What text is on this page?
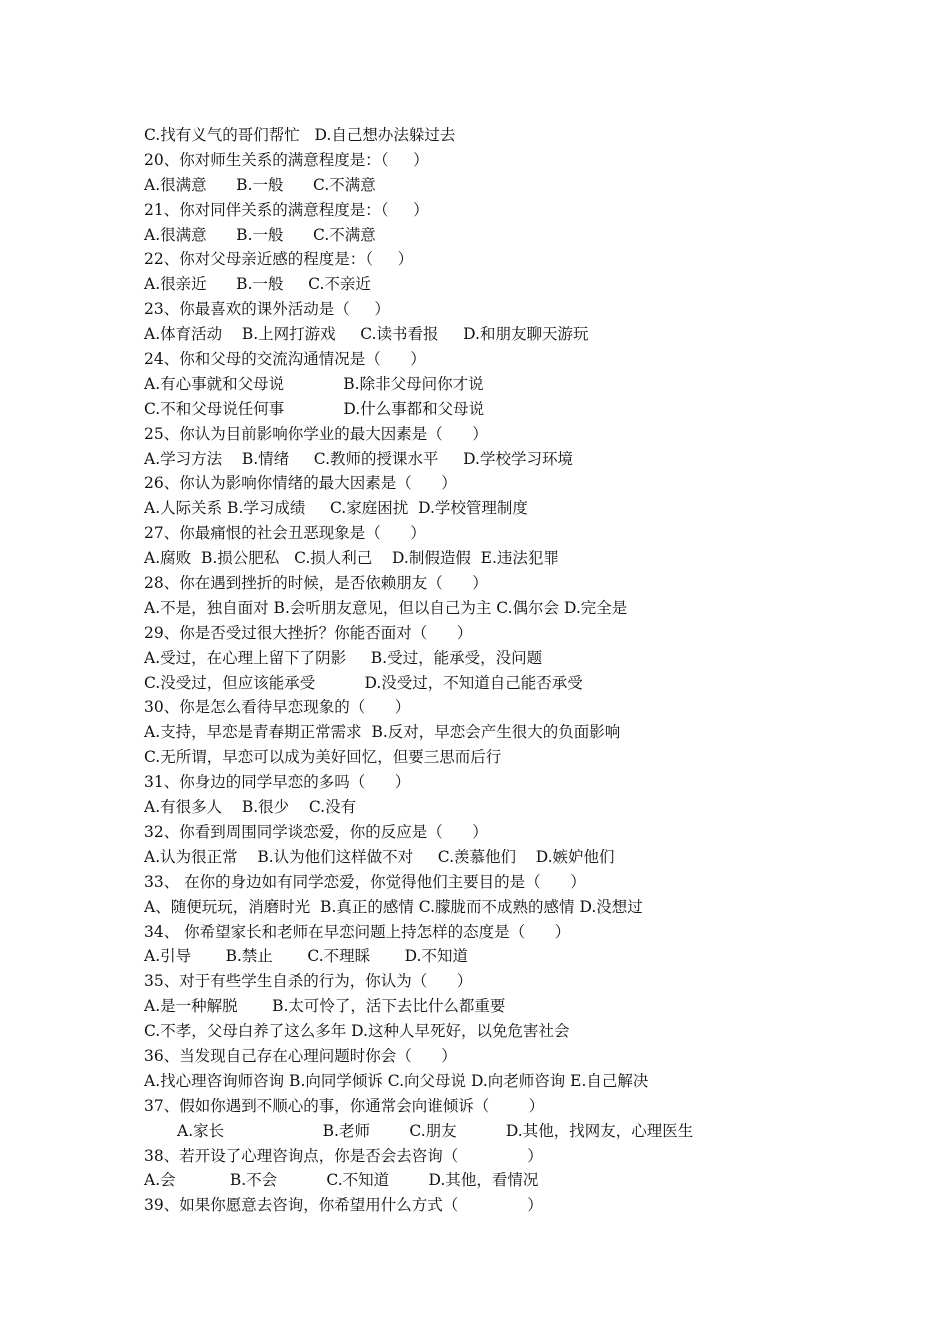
C.找有义气的哥们帮忙   D.自己想办法躲过去
20、你对师生关系的满意程度是：（     ）
A.很满意      B.一般      C.不满意
21、你对同伴关系的满意程度是：（     ）
A.很满意      B.一般      C.不满意
22、你对父母亲近感的程度是：（     ）
A.很亲近      B.一般     C.不亲近
23、你最喜欢的课外活动是（     ）
A.体育活动    B.上网打游戏     C.读书看报     D.和朋友聊天游玩
24、你和父母的交流沟通情况是（      ）
A.有心事就和父母说            B.除非父母问你才说
C.不和父母说任何事            D.什么事都和父母说
25、你认为目前影响你学业的最大因素是（      ）
A.学习方法    B.情绪     C.教师的授课水平     D.学校学习环境
26、你认为影响你情绪的最大因素是（      ）
A.人际关系 B.学习成绩     C.家庭困扰  D.学校管理制度
27、你最痛恨的社会丑恶现象是（      ）
A.腐败  B.损公肥私   C.损人利己    D.制假造假  E.违法犯罪
28、你在遇到挫折的时候，是否依赖朋友（      ）
A.不是，独自面对 B.会听朋友意见，但以自己为主 C.偶尔会 D.完全是
29、你是否受过很大挫折？你能否面对（      ）
A.受过，在心理上留下了阴影     B.受过，能承受，没问题
C.没受过，但应该能承受          D.没受过，不知道自己能否承受
30、你是怎么看待早恋现象的（      ）
A.支持，早恋是青春期正常需求  B.反对，早恋会产生很大的负面影响
C.无所谓，早恋可以成为美好回忆，但要三思而后行
31、你身边的同学早恋的多吗（      ）
A.有很多人    B.很少    C.没有
32、你看到周围同学谈恋爱，你的反应是（      ）
A.认为很正常    B.认为他们这样做不对     C.羡慕他们    D.嫉妒他们
33、 在你的身边如有同学恋爱，你觉得他们主要目的是（      ）
A、随便玩玩，消磨时光  B.真正的感情 C.朦胧而不成熟的感情 D.没想过
34、 你希望家长和老师在早恋问题上持怎样的态度是（      ）
A.引导       B.禁止       C.不理睬       D.不知道
35、对于有些学生自杀的行为，你认为（      ）
A.是一种解脱       B.太可怜了，活下去比什么都重要
C.不孝，父母白养了这么多年 D.这种人早死好，以免危害社会
36、当发现自己存在心理问题时你会（      ）
A.找心理咨询师咨询 B.向同学倾诉 C.向父母说 D.向老师咨询 E.自己解决
37、假如你遇到不顺心的事，你通常会向谁倾诉（        ）
A.家长                    B.老师        C.朋友          D.其他，找网友，心理医生
38、若开设了心理咨询点，你是否会去咨询（              ）
A.会           B.不会          C.不知道        D.其他，看情况
39、如果你愿意去咨询，你希望用什么方式（              ）
